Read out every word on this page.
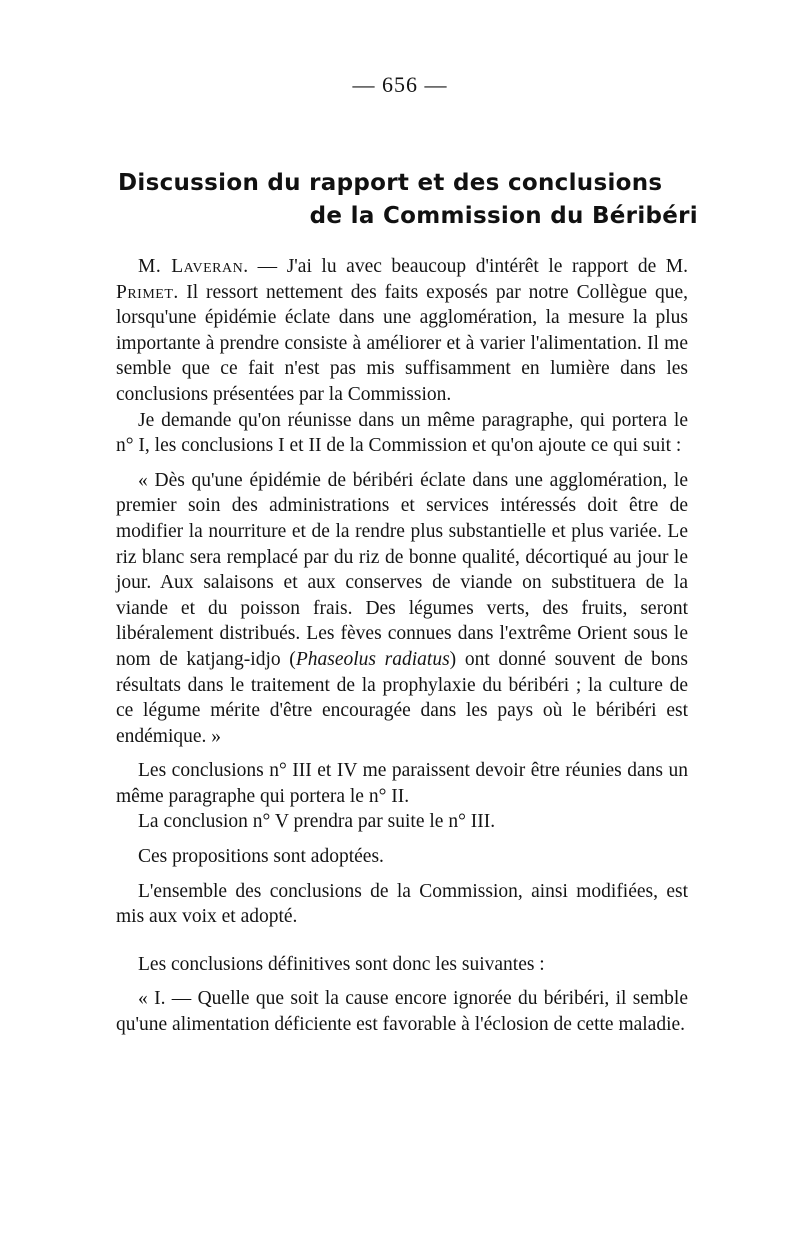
— 656 —
Discussion du rapport et des conclusions
de la Commission du Béribéri

M. Laveran. — J'ai lu avec beaucoup d'intérêt le rapport de M. Primet. Il ressort nettement des faits exposés par notre Collègue que, lorsqu'une épidémie éclate dans une agglomération, la mesure la plus importante à prendre consiste à améliorer et à varier l'alimentation. Il me semble que ce fait n'est pas mis suffisamment en lumière dans les conclusions présentées par la Commission.

Je demande qu'on réunisse dans un même paragraphe, qui portera le n° I, les conclusions I et II de la Commission et qu'on ajoute ce qui suit :

« Dès qu'une épidémie de béribéri éclate dans une agglomération, le premier soin des administrations et services intéressés doit être de modifier la nourriture et de la rendre plus substantielle et plus variée. Le riz blanc sera remplacé par du riz de bonne qualité, décortiqué au jour le jour. Aux salaisons et aux conserves de viande on substituera de la viande et du poisson frais. Des légumes verts, des fruits, seront libéralement distribués. Les fèves connues dans l'extrême Orient sous le nom de katjang-idjo (Phaseolus radiatus) ont donné souvent de bons résultats dans le traitement de la prophylaxie du béribéri ; la culture de ce légume mérite d'être encouragée dans les pays où le béribéri est endémique. »

Les conclusions n° III et IV me paraissent devoir être réunies dans un même paragraphe qui portera le n° II.

La conclusion n° V prendra par suite le n° III.

Ces propositions sont adoptées.

L'ensemble des conclusions de la Commission, ainsi modifiées, est mis aux voix et adopté.

Les conclusions définitives sont donc les suivantes :

« I. — Quelle que soit la cause encore ignorée du béribéri, il semble qu'une alimentation déficiente est favorable à l'éclosion de cette maladie.
